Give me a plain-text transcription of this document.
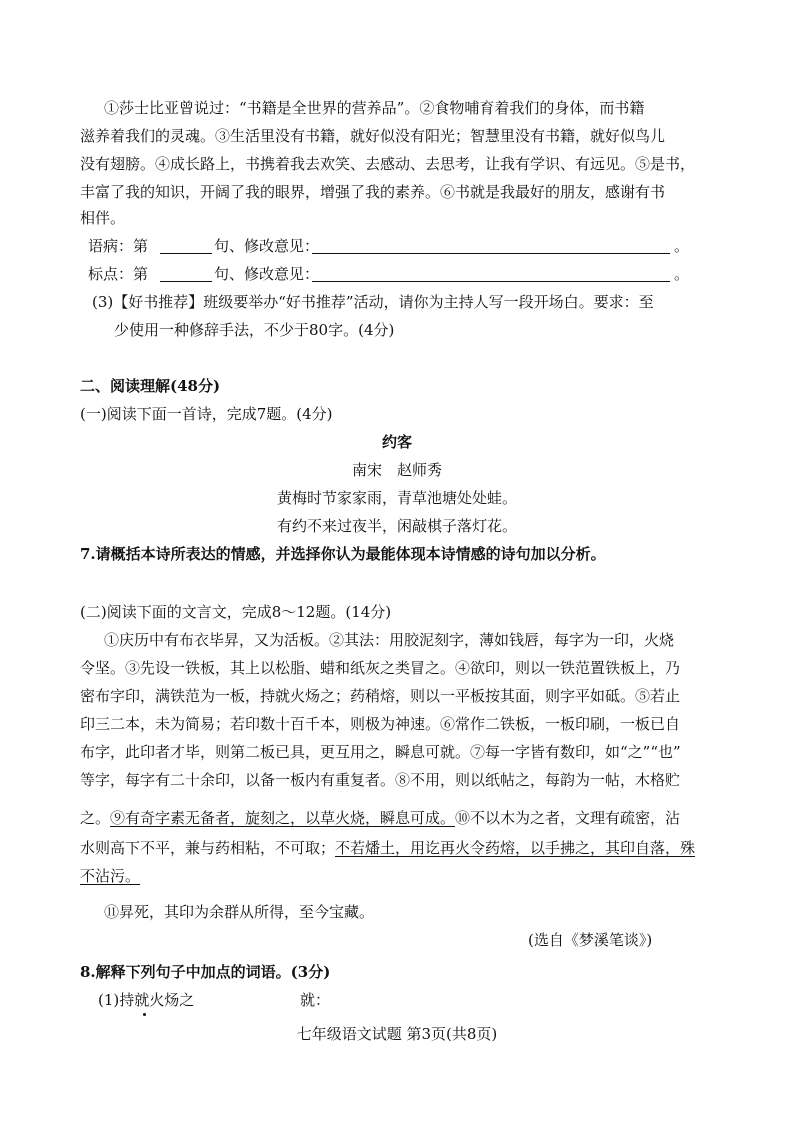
①莎士比亚曾说过：“书籍是全世界的营养品”。②食物哺育着我们的身体，而书籍
滋养着我们的灵魂。③生活里没有书籍，就好似没有阳光；智慧里没有书籍，就好似鸟儿
没有翅膀。④成长路上，书携着我去欢笑、去感动、去思考，让我有学识、有远见。⑤是书，
丰富了我的知识，开阔了我的眼界，增强了我的素养。⑥书就是我最好的朋友，感谢有书
相伴。
语病：第	句、修改意见：	。
标点：第	句、修改意见：	。
(3)【好书推荐】班级要举办“好书推荐”活动，请你为主持人写一段开场白。要求：至
少使用一种修辞手法，不少于80字。(4分)
二、阅读理解(48分)
(一)阅读下面一首诗，完成7题。(4分)
约客
南宋　赵师秀
黄梅时节家家雨，青草池塘处处蛙。
有约不来过夜半，闲敲棋子落灯花。
7.请概括本诗所表达的情感，并选择你认为最能体现本诗情感的诗句加以分析。
(二)阅读下面的文言文，完成8～12题。(14分)
①庆历中有布衣毕昇，又为活板。②其法：用胶泥刻字，薄如钱唇，每字为一印，火烧
令坚。③先设一铁板，其上以松脂、蜡和纸灰之类冒之。④欲印，则以一铁范置铁板上，乃
密布字印，满铁范为一板，持就火炀之；药稍熔，则以一平板按其面，则字平如砥。⑤若止
印三二本，未为简易；若印数十百千本，则极为神速。⑥常作二铁板，一板印刷，一板已自
布字，此印者才毕，则第二板已具，更互用之，瞬息可就。⑦每一字皆有数印，如“之”“也”
等字，每字有二十余印，以备一板内有重复者。⑧不用，则以纸帖之，每韵为一帖，木格贮
之。⑨有奇字素无备者，旋刻之，以草火烧，瞬息可成。⑩不以木为之者，文理有疏密，沾
水则高下不平，兼与药相粘，不可取；不若燔土，用讫再火令药熔，以手拂之，其印自落，殊
不沾污。
⑪昇死，其印为余群从所得，至今宝藏。
(选自《梦溪笔谈》)
8.解释下列句子中加点的词语。(3分)
(1)持就火炀之	就：
七年级语文试题 第3页(共8页)
